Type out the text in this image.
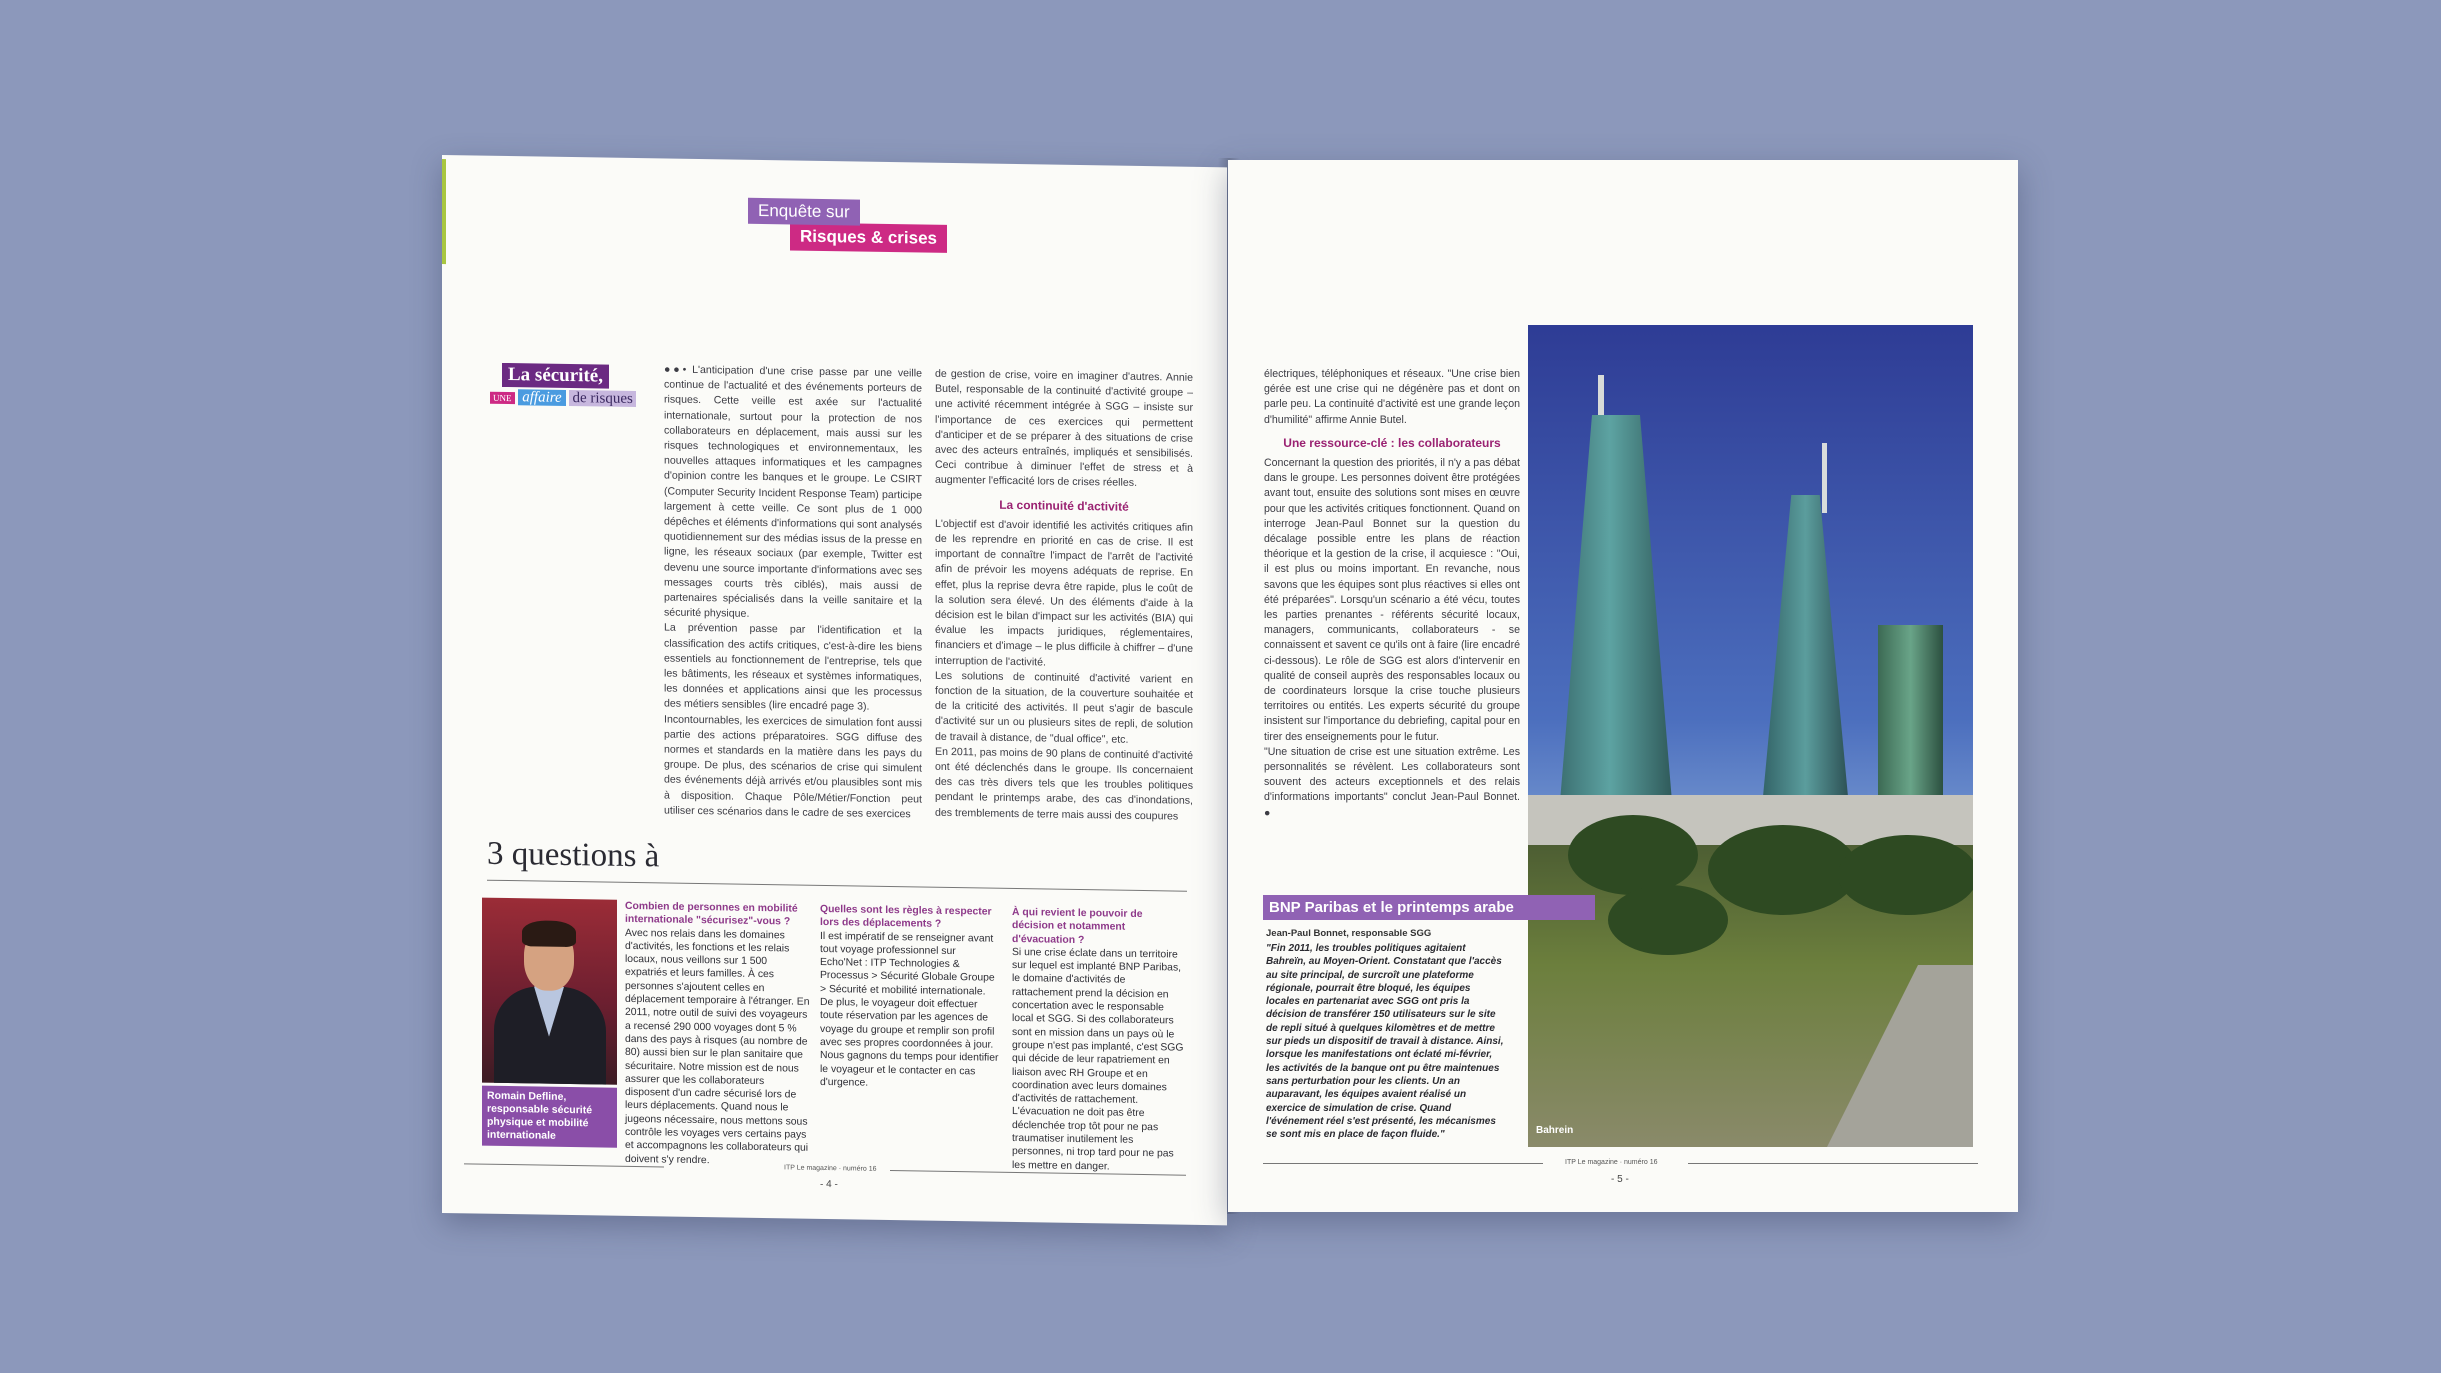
Enquête sur
Risques & crises
La sécurité,
UNE affaire de risques

●●• L'anticipation d'une crise passe par une veille continue de l'actualité et des événements porteurs de risques. Cette veille est axée sur l'actualité internationale, surtout pour la protection de nos collaborateurs en déplacement, mais aussi sur les risques technologiques et environnementaux, les nouvelles attaques informatiques et les campagnes d'opinion contre les banques et le groupe. Le CSIRT (Computer Security Incident Response Team) participe largement à cette veille. Ce sont plus de 1 000 dépêches et éléments d'informations qui sont analysés quotidiennement sur des médias issus de la presse en ligne, les réseaux sociaux (par exemple, Twitter est devenu une source importante d'informations avec ses messages courts très ciblés), mais aussi de partenaires spécialisés dans la veille sanitaire et la sécurité physique.

La prévention passe par l'identification et la classification des actifs critiques, c'est-à-dire les biens essentiels au fonctionnement de l'entreprise, tels que les bâtiments, les réseaux et systèmes informatiques, les données et applications ainsi que les processus des métiers sensibles (lire encadré page 3).

Incontournables, les exercices de simulation font aussi partie des actions préparatoires. SGG diffuse des normes et standards en la matière dans les pays du groupe. De plus, des scénarios de crise qui simulent des événements déjà arrivés et/ou plausibles sont mis à disposition. Chaque Pôle/Métier/Fonction peut utiliser ces scénarios dans le cadre de ses exercices

de gestion de crise, voire en imaginer d'autres. Annie Butel, responsable de la continuité d'activité groupe – une activité récemment intégrée à SGG – insiste sur l'importance de ces exercices qui permettent d'anticiper et de se préparer à des situations de crise avec des acteurs entraînés, impliqués et sensibilisés. Ceci contribue à diminuer l'effet de stress et à augmenter l'efficacité lors de crises réelles.

La continuité d'activité

L'objectif est d'avoir identifié les activités critiques afin de les reprendre en priorité en cas de crise. Il est important de connaître l'impact de l'arrêt de l'activité afin de prévoir les moyens adéquats de reprise. En effet, plus la reprise devra être rapide, plus le coût de la solution sera élevé. Un des éléments d'aide à la décision est le bilan d'impact sur les activités (BIA) qui évalue les impacts juridiques, réglementaires, financiers et d'image – le plus difficile à chiffrer – d'une interruption de l'activité.

Les solutions de continuité d'activité varient en fonction de la situation, de la couverture souhaitée et de la criticité des activités. Il peut s'agir de bascule d'activité sur un ou plusieurs sites de repli, de solution de travail à distance, de "dual office", etc.

En 2011, pas moins de 90 plans de continuité d'activité ont été déclenchés dans le groupe. Ils concernaient des cas très divers tels que les troubles politiques pendant le printemps arabe, des cas d'inondations, des tremblements de terre mais aussi des coupures

3 questions à
Romain Defline, responsable sécurité physique et mobilité internationale

Combien de personnes en mobilité internationale "sécurisez"-vous ?

Avec nos relais dans les domaines d'activités, les fonctions et les relais locaux, nous veillons sur 1 500 expatriés et leurs familles. À ces personnes s'ajoutent celles en déplacement temporaire à l'étranger. En 2011, notre outil de suivi des voyageurs a recensé 290 000 voyages dont 5 % dans des pays à risques (au nombre de 80) aussi bien sur le plan sanitaire que sécuritaire. Notre mission est de nous assurer que les collaborateurs disposent d'un cadre sécurisé lors de leurs déplacements. Quand nous le jugeons nécessaire, nous mettons sous contrôle les voyages vers certains pays et accompagnons les collaborateurs qui doivent s'y rendre.

Quelles sont les règles à respecter lors des déplacements ?

Il est impératif de se renseigner avant tout voyage professionnel sur Echo'Net : ITP Technologies & Processus > Sécurité Globale Groupe > Sécurité et mobilité internationale. De plus, le voyageur doit effectuer toute réservation par les agences de voyage du groupe et remplir son profil avec ses propres coordonnées à jour. Nous gagnons du temps pour identifier le voyageur et le contacter en cas d'urgence.

À qui revient le pouvoir de décision et notamment d'évacuation ?

Si une crise éclate dans un territoire sur lequel est implanté BNP Paribas, le domaine d'activités de rattachement prend la décision en concertation avec le responsable local et SGG. Si des collaborateurs sont en mission dans un pays où le groupe n'est pas implanté, c'est SGG qui décide de leur rapatriement en liaison avec RH Groupe et en coordination avec leurs domaines d'activités de rattachement. L'évacuation ne doit pas être déclenchée trop tôt pour ne pas traumatiser inutilement les personnes, ni trop tard pour ne pas les mettre en danger.

ITP Le magazine · numéro 16
- 4 -

électriques, téléphoniques et réseaux. "Une crise bien gérée est une crise qui ne dégénère pas et dont on parle peu. La continuité d'activité est une grande leçon d'humilité" affirme Annie Butel.

Une ressource-clé : les collaborateurs

Concernant la question des priorités, il n'y a pas débat dans le groupe. Les personnes doivent être protégées avant tout, ensuite des solutions sont mises en œuvre pour que les activités critiques fonctionnent. Quand on interroge Jean-Paul Bonnet sur la question du décalage possible entre les plans de réaction théorique et la gestion de la crise, il acquiesce : "Oui, il est plus ou moins important. En revanche, nous savons que les équipes sont plus réactives si elles ont été préparées". Lorsqu'un scénario a été vécu, toutes les parties prenantes - référents sécurité locaux, managers, communicants, collaborateurs - se connaissent et savent ce qu'ils ont à faire (lire encadré ci-dessous). Le rôle de SGG est alors d'intervenir en qualité de conseil auprès des responsables locaux ou de coordinateurs lorsque la crise touche plusieurs territoires ou entités. Les experts sécurité du groupe insistent sur l'importance du debriefing, capital pour en tirer des enseignements pour le futur.

"Une situation de crise est une situation extrême. Les personnalités se révèlent. Les collaborateurs sont souvent des acteurs exceptionnels et des relais d'informations importants" conclut Jean-Paul Bonnet. ●

Bahrein
BNP Paribas et le printemps arabe
Jean-Paul Bonnet, responsable SGG
"Fin 2011, les troubles politiques agitaient Bahreïn, au Moyen-Orient. Constatant que l'accès au site principal, de surcroît une plateforme régionale, pourrait être bloqué, les équipes locales en partenariat avec SGG ont pris la décision de transférer 150 utilisateurs sur le site de repli situé à quelques kilomètres et de mettre sur pieds un dispositif de travail à distance. Ainsi, lorsque les manifestations ont éclaté mi-février, les activités de la banque ont pu être maintenues sans perturbation pour les clients. Un an auparavant, les équipes avaient réalisé un exercice de simulation de crise. Quand l'événement réel s'est présenté, les mécanismes se sont mis en place de façon fluide."
ITP Le magazine · numéro 16
- 5 -
